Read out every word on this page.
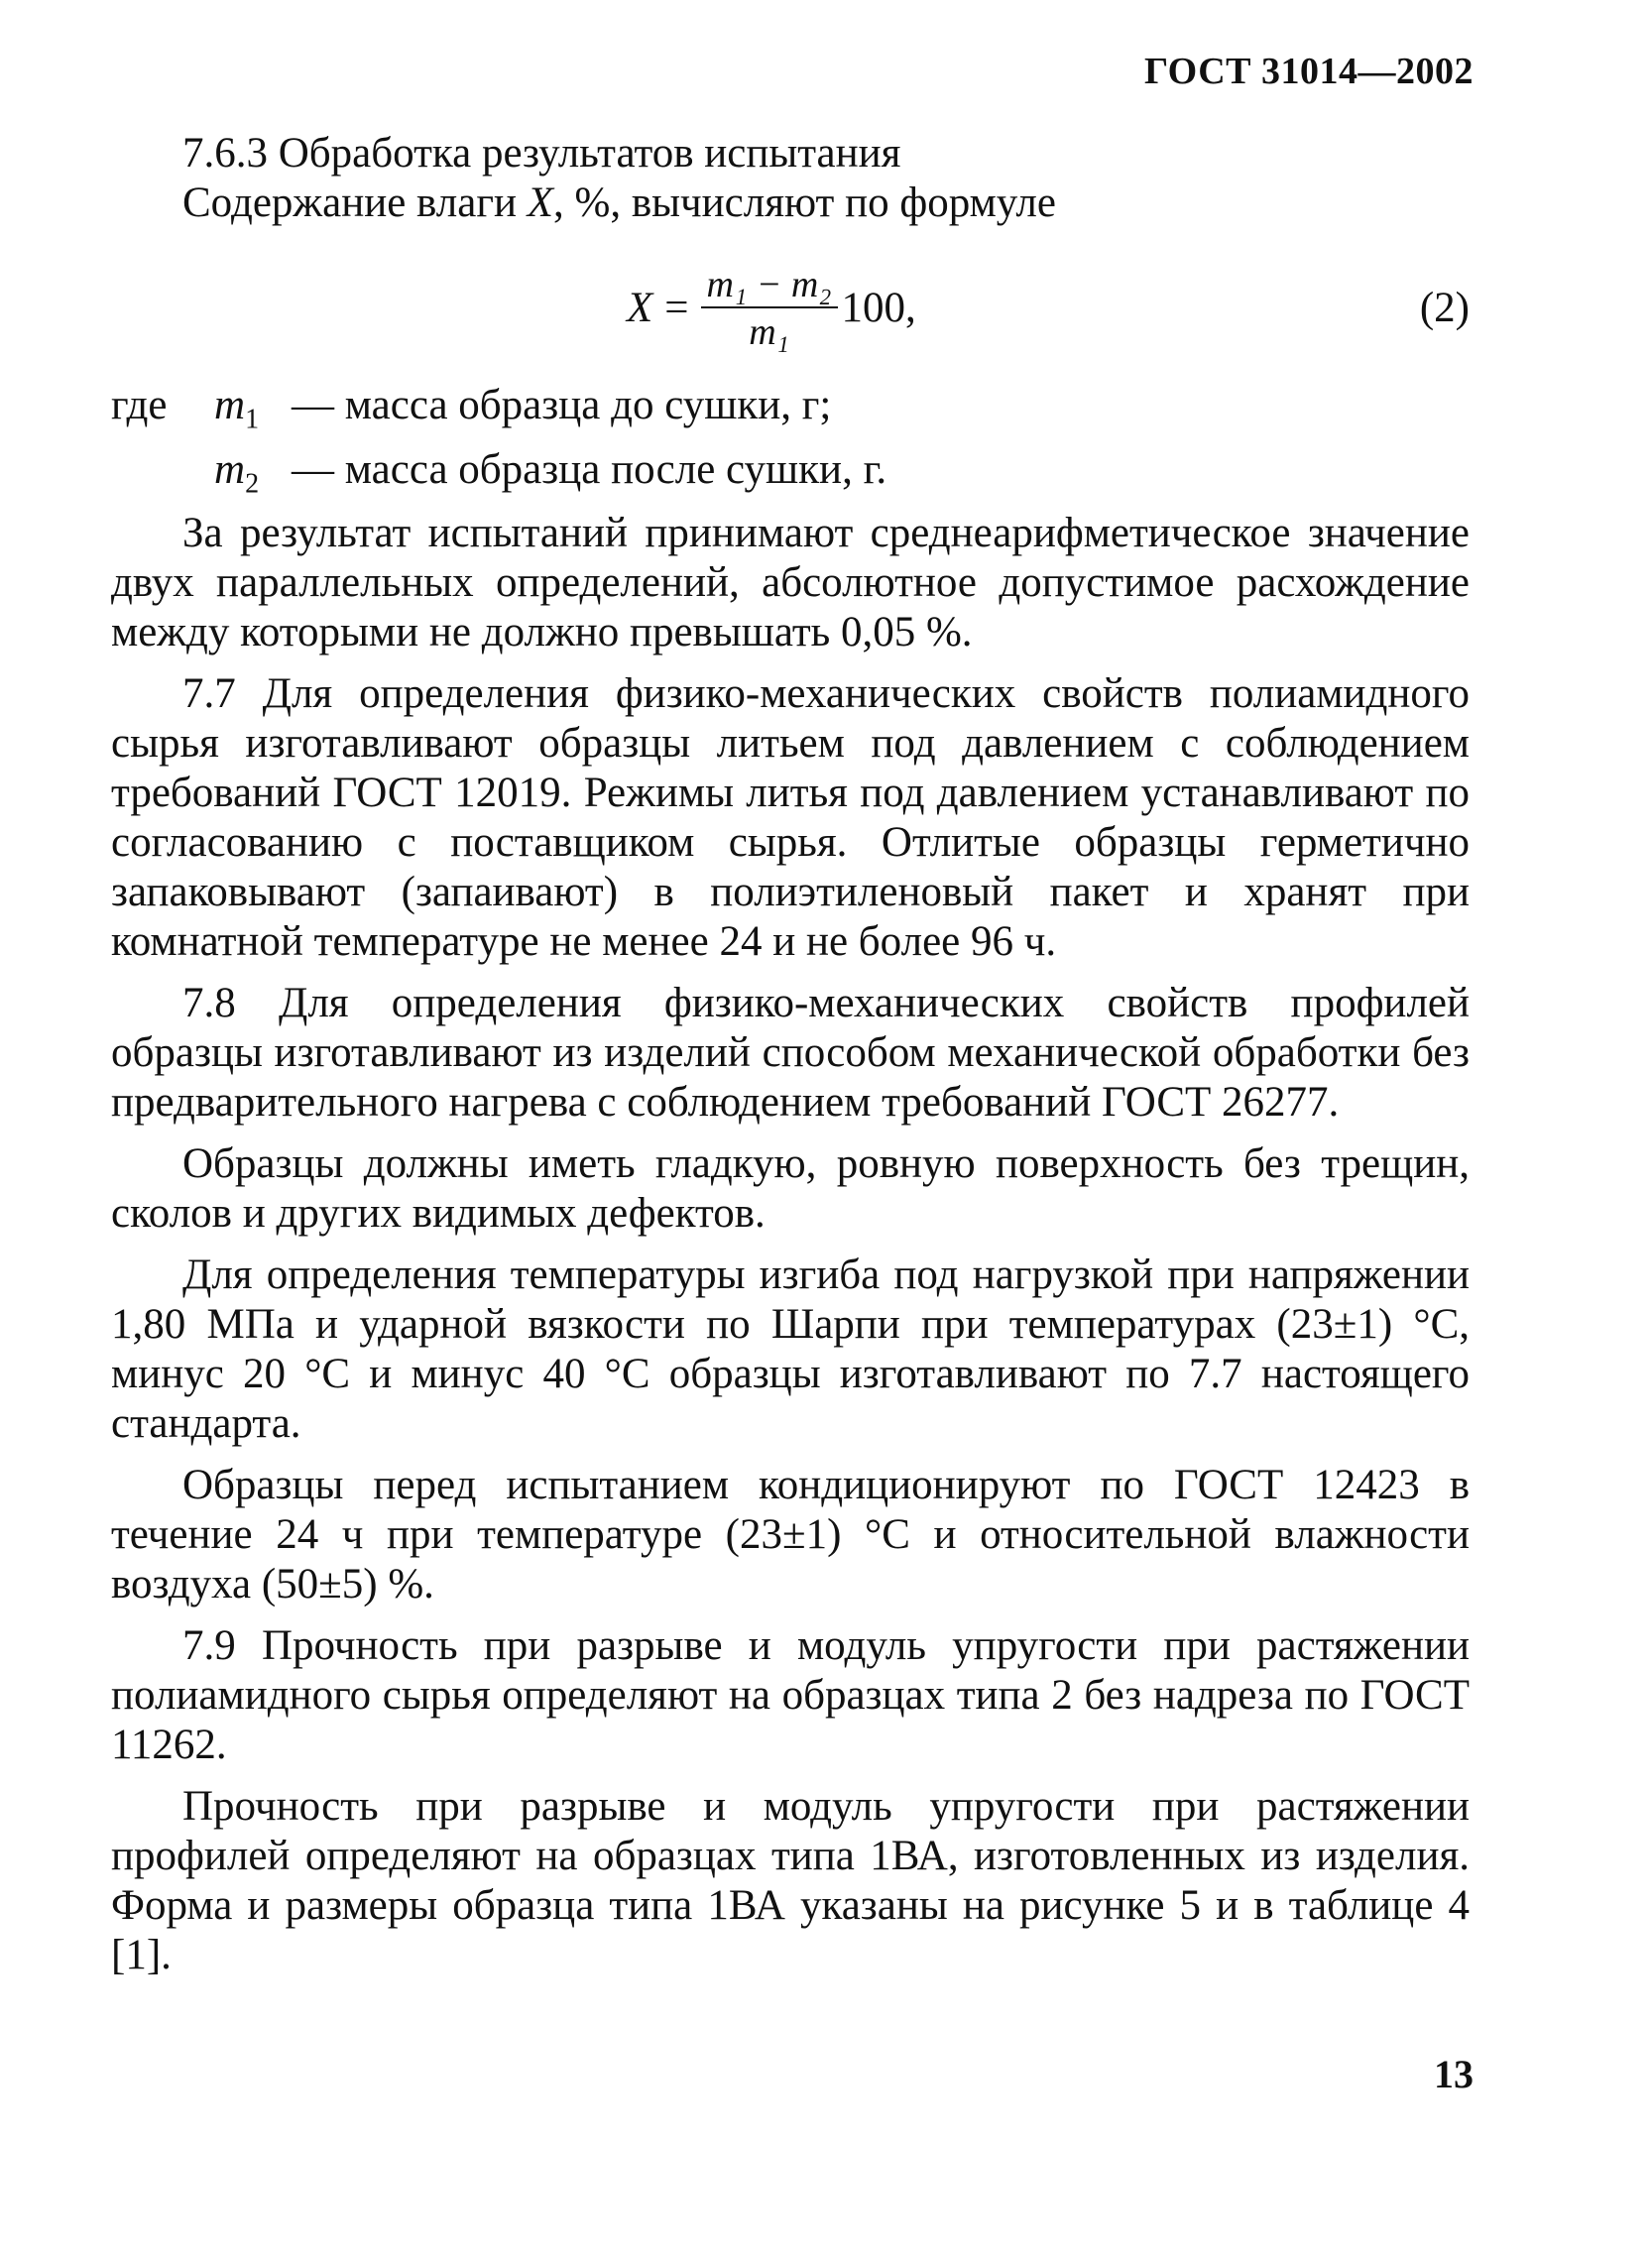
ГОСТ 31014—2002

7.6.3 Обработка результатов испытания

Содержание влаги X, %, вычисляют по формуле

$X = \frac{\text{m₁ − m₂}}{\text{m₁}} 100$,	(2)
где	$m_1$ — масса образца до сушки, г;
$m_2$ — масса образца после сушки, г.

За результат испытаний принимают среднеарифметическое значение двух параллельных определений, абсолютное допустимое расхождение между которыми не должно превышать 0,05 %.

7.7 Для определения физико-механических свойств полиамидного сырья изготавливают образцы литьем под давлением с соблюдением требований ГОСТ 12019. Режимы литья под давлением устанавливают по согласованию с поставщиком сырья. Отлитые образцы герметично запаковывают (запаивают) в полиэтиленовый пакет и хранят при комнатной температуре не менее 24 и не более 96 ч.

7.8 Для определения физико-механических свойств профилей образцы изготавливают из изделий способом механической обработки без предварительного нагрева с соблюдением требований ГОСТ 26277.

Образцы должны иметь гладкую, ровную поверхность без трещин, сколов и других видимых дефектов.

Для определения температуры изгиба под нагрузкой при напряжении 1,80 МПа и ударной вязкости по Шарпи при температурах (23±1) °С, минус 20 °С и минус 40 °С образцы изготавливают по 7.7 настоящего стандарта.

Образцы перед испытанием кондиционируют по ГОСТ 12423 в течение 24 ч при температуре (23±1) °С и относительной влажности воздуха (50±5) %.

7.9 Прочность при разрыве и модуль упругости при растяжении полиамидного сырья определяют на образцах типа 2 без надреза по ГОСТ 11262.

Прочность при разрыве и модуль упругости при растяжении профилей определяют на образцах типа 1ВА, изготовленных из изделия. Форма и размеры образца типа 1ВА указаны на рисунке 5 и в таблице 4 [1].

13
